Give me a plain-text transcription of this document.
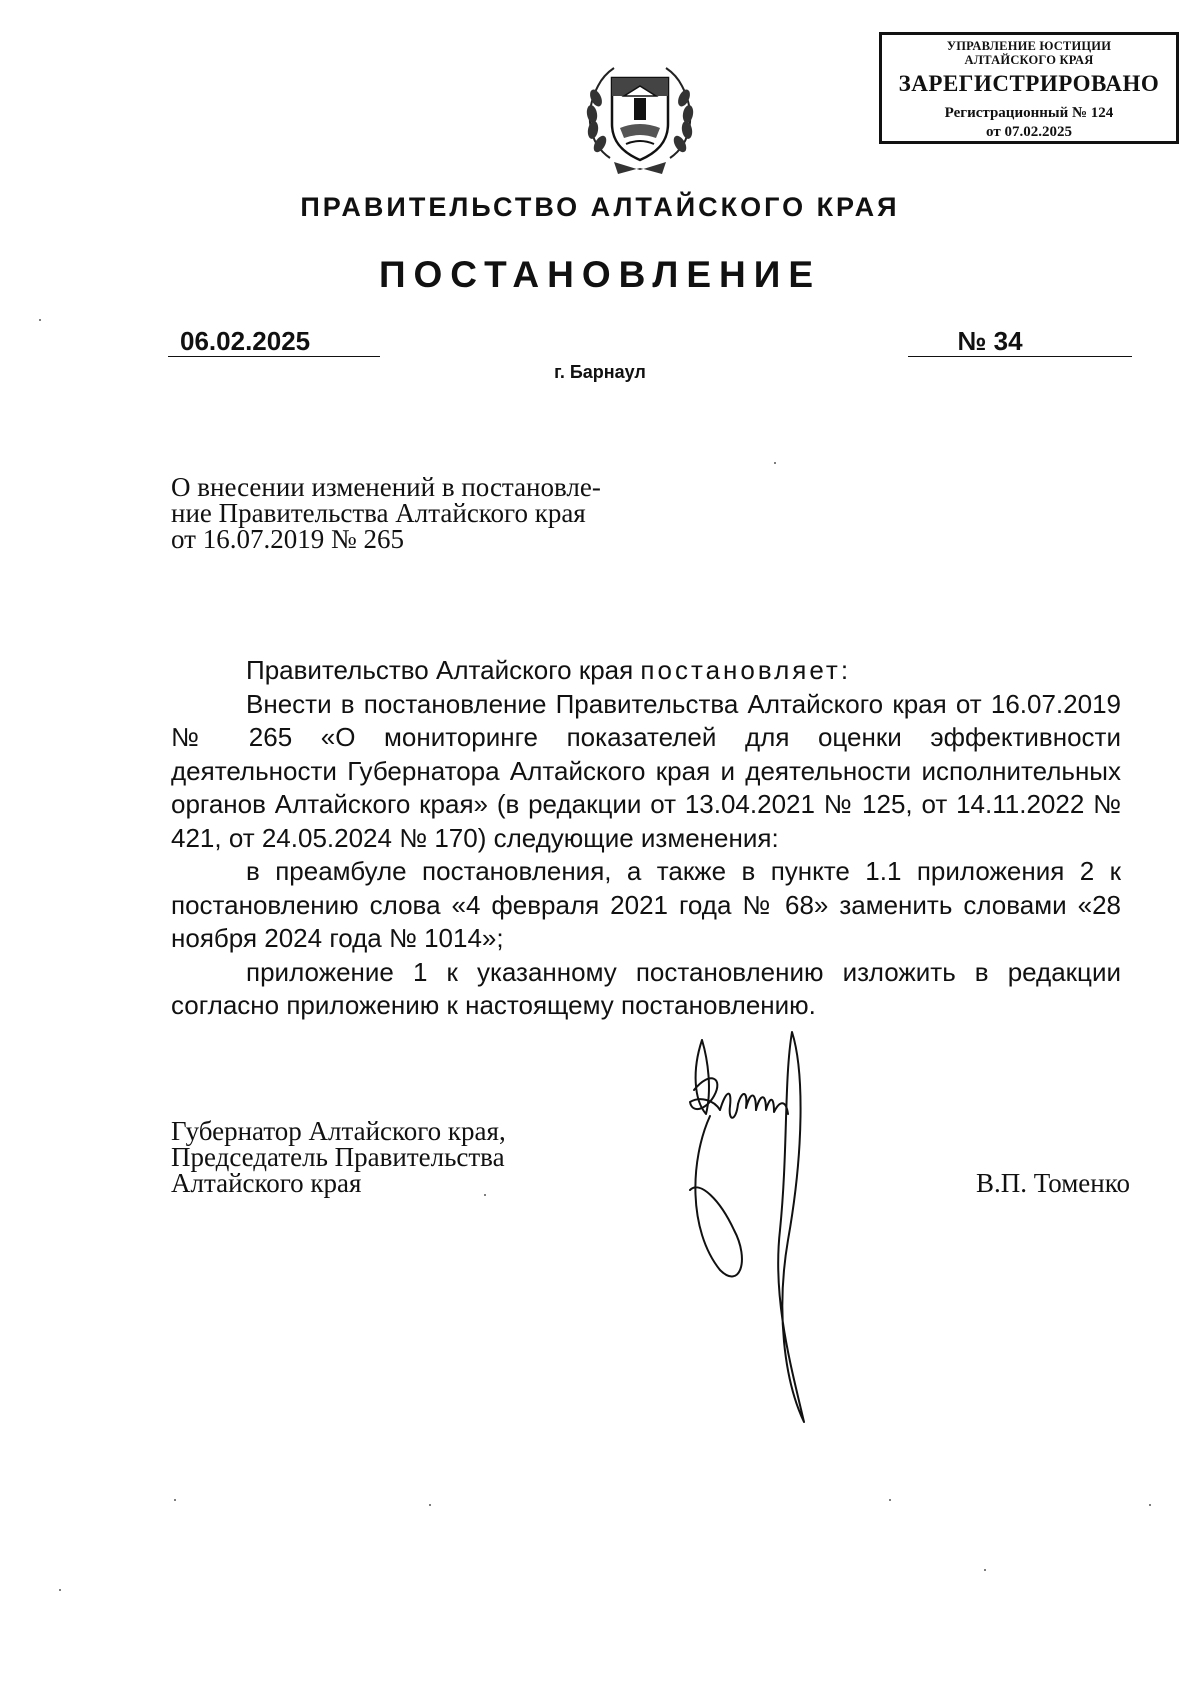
УПРАВЛЕНИЕ ЮСТИЦИИ
АЛТАЙСКОГО КРАЯ
ЗАРЕГИСТРИРОВАНО
Регистрационный № 124
от 07.02.2025
ПРАВИТЕЛЬСТВО АЛТАЙСКОГО КРАЯ
ПОСТАНОВЛЕНИЕ
06.02.2025	№ 34
г. Барнаул
О внесении изменений в постановле-
ние Правительства Алтайского края
от 16.07.2019 № 265

Правительство Алтайского края постановляет:

Внести в постановление Правительства Алтайского края от 16.07.2019 № 265 «О мониторинге показателей для оценки эффективности деятельности Губернатора Алтайского края и деятельности исполнительных органов Алтайского края» (в редакции от 13.04.2021 № 125, от 14.11.2022 № 421, от 24.05.2024 № 170) следующие изменения:

в преамбуле постановления, а также в пункте 1.1 приложения 2 к постановлению слова «4 февраля 2021 года № 68» заменить словами «28 ноября 2024 года № 1014»;

приложение 1 к указанному постановлению изложить в редакции согласно приложению к настоящему постановлению.

Губернатор Алтайского края,
Председатель Правительства
Алтайского края	В.П. Томенко
